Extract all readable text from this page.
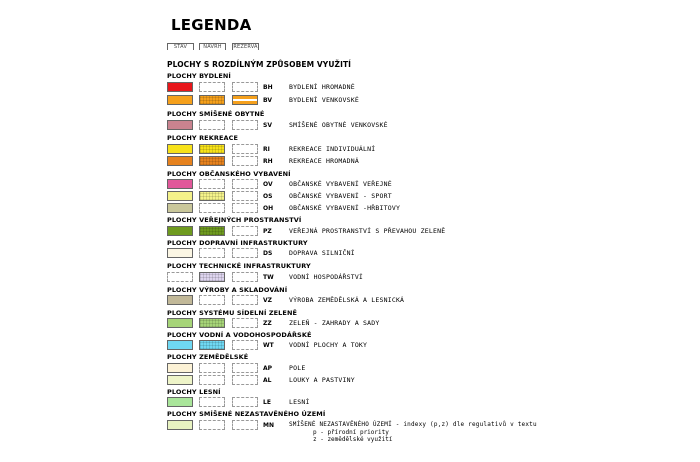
LEGENDA
STAV	NÁVRH	REZERVA
PLOCHY S ROZDÍLNÝM ZPŮSOBEM VYUŽITÍ
PLOCHY BYDLENÍ
BH	BYDLENÍ HROMADNÉ
BV	BYDLENÍ VENKOVSKÉ
PLOCHY SMÍŠENÉ OBYTNÉ
SV	SMÍŠENÉ OBYTNÉ VENKOVSKÉ
PLOCHY REKREACE
RI	REKREACE INDIVIDUÁLNÍ
RH	REKREACE HROMADNÁ
PLOCHY OBČANSKÉHO VYBAVENÍ
OV	OBČANSKÉ VYBAVENÍ VEŘEJNÉ
OS	OBČANSKÉ VYBAVENÍ - SPORT
OH OBČANSKÉ VYBAVENÍ -HŘBITOVY
PLOCHY VEŘEJNÝCH PROSTRANSTVÍ
PZ	VEŘEJNÁ PROSTRANSTVÍ S PŘEVAHOU ZELENĚ
PLOCHY DOPRAVNÍ INFRASTRUKTURY
DS	DOPRAVA SILNIČNÍ
PLOCHY TECHNICKÉ INFRASTRUKTURY
TW VODNÍ HOSPODÁŘSTVÍ
PLOCHY VÝROBY A SKLADOVÁNÍ
VZ	VÝROBA ZEMĚDĚLSKÁ A LESNICKÁ
PLOCHY SYSTÉMU SÍDELNÍ ZELENĚ
ZZ	ZELEŇ - ZAHRADY A SADY
PLOCHY VODNÍ A VODOHOSPODÁŘSKÉ
WT VODNÍ PLOCHY A TOKY
PLOCHY ZEMĚDĚLSKÉ
AP	POLE
AL	LOUKY A PASTVINY
PLOCHY LESNÍ
LE	LESNÍ
PLOCHY SMÍŠENÉ NEZASTAVĚNÉHO ÚZEMÍ
MN	SMÍŠENÉ NEZASTAVĚNÉHO ÚZEMÍ - indexy (p,z) dle regulativů v textu
p - přírodní priority
z - zemědělské využití
